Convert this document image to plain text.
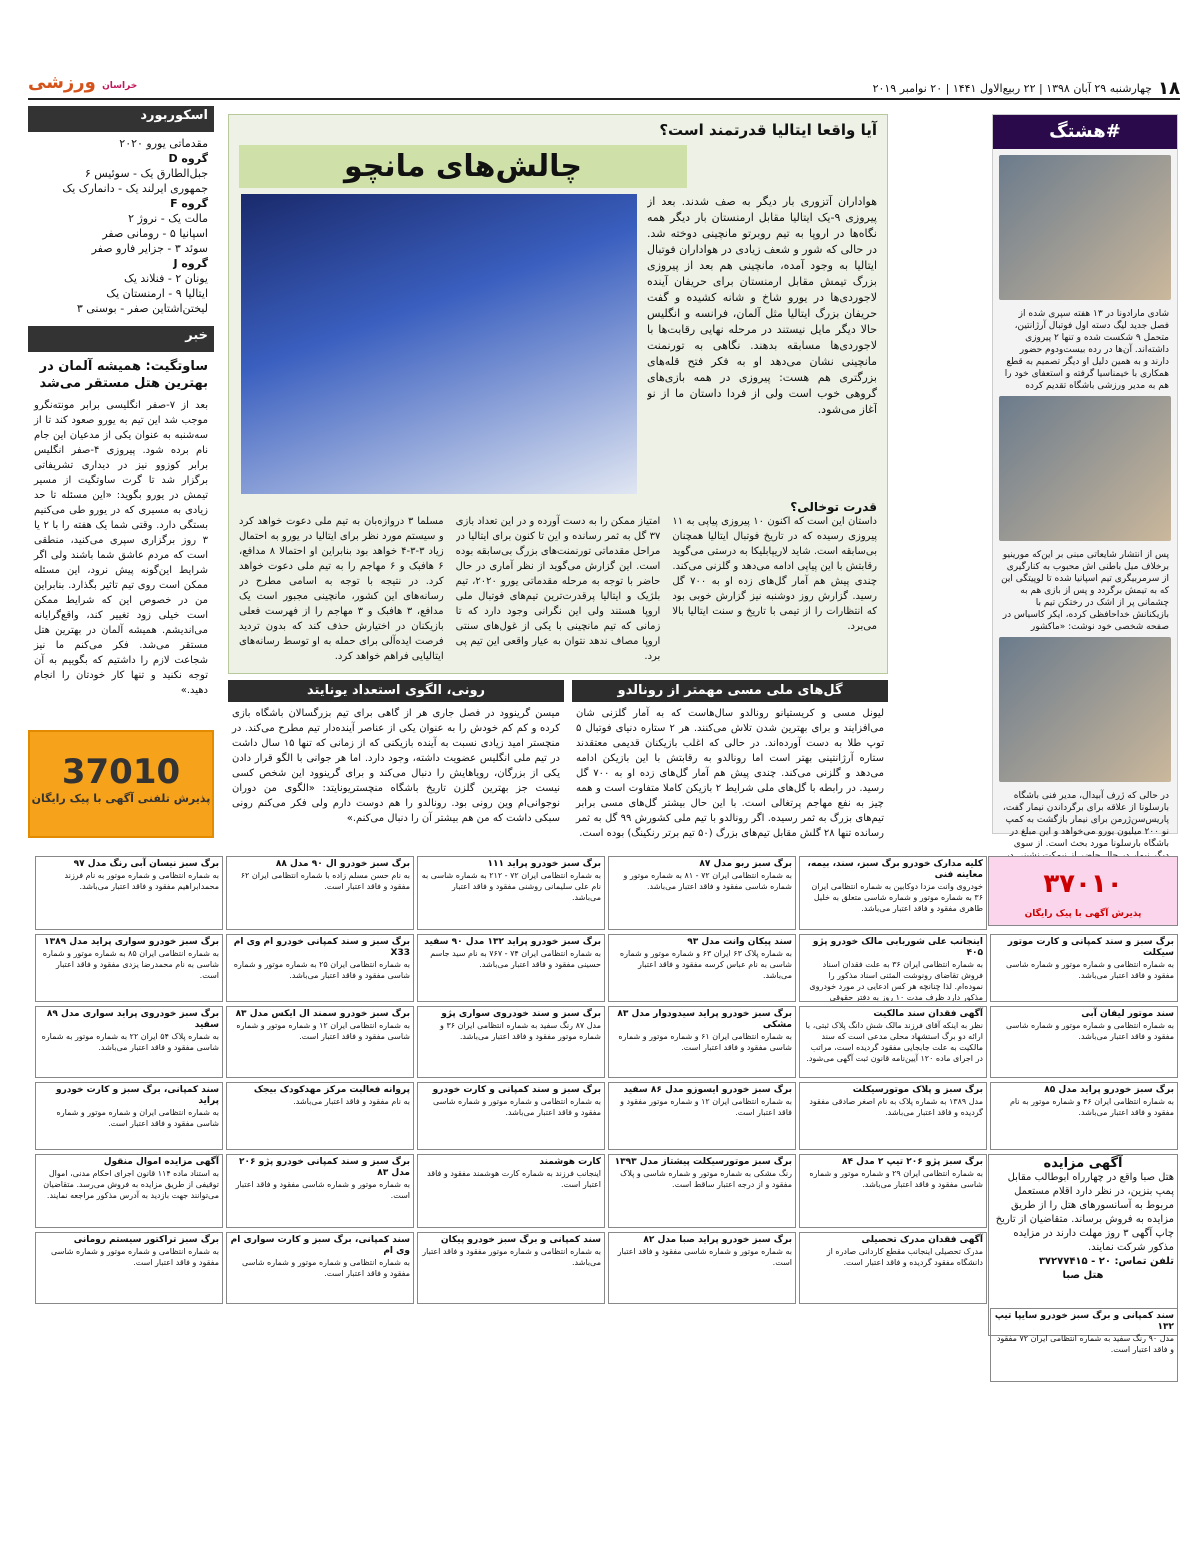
۱۸
چهارشنبه ۲۹ آبان ۱۳۹۸ | ۲۲ ربیع‌الاول ۱۴۴۱ | ۲۰ نوامبر ۲۰۱۹
خراسان ورزشی
اسکوربورد
مقدماتی یورو ۲۰۲۰
گروه D
جبل‌الطارق یک - سوئیس ۶
جمهوری ایرلند یک - دانمارک یک
گروه F
مالت یک - نروژ ۲
اسپانیا ۵ - رومانی صفر
سوئد ۳ - جزایر فارو صفر
گروه J
یونان ۲ - فنلاند یک
ایتالیا ۹ - ارمنستان یک
لیختن‌اشتاین صفر - بوسنی ۳
خبر
ساوتگیت: همیشه آلمان در بهترین هتل مستقر می‌شد
بعد از ۷-صفر انگلیسی برابر مونته‌نگرو موجب شد این تیم به یورو صعود کند تا از سه‌شنبه به عنوان یکی از مدعیان این جام نام برده شود. پیروزی ۴-صفر انگلیس برابر کوزوو نیز در دیداری تشریفاتی برگزار شد تا گرت ساوتگیت از مسیر تیمش در یورو بگوید: «این مسئله تا حد زیادی به مسیری که در یورو طی می‌کنیم بستگی دارد. وقتی شما یک هفته را با ۲ یا ۳ روز برگزاری سپری می‌کنید، منطقی است که مردم عاشق شما باشند ولی اگر شرایط این‌گونه پیش نرود، این مسئله ممکن است روی تیم تاثیر بگذارد. بنابراین من در خصوص این که شرایط ممکن است خیلی زود تغییر کند، واقع‌گرایانه می‌اندیشم. همیشه آلمان در بهترین هتل مستقر می‌شد. فکر می‌کنم ما نیز شجاعت لازم را داشتیم که بگوییم به آن توجه نکنید و تنها کار خودتان را انجام دهید.»
37010
پذیرش تلفنی آگهی با پیک رایگان
#هشتگ
شادی مارادونا در ۱۳ هفته سپری شده از فصل جدید لیگ دسته اول فوتبال آرژانتین، متحمل ۹ شکست شده و تنها ۲ پیروزی داشته‌اند. آن‌ها در رده بیست‌ودوم حضور دارند و به همین دلیل او دیگر تصمیم به قطع همکاری با خیمناسیا گرفته و استعفای خود را هم به مدیر ورزشی باشگاه تقدیم کرده
پس از انتشار شایعاتی مبنی بر این‌که مورینیو برخلاف میل باطنی اش محبوب به کنارگیری از سرمربیگری تیم اسپانیا شده تا لوپیتگی این که به تیمش برگردد و پس از بازی هم به چشمانی پر از اشک در رختکن تیم با بازیکنانش خداحافظی کرده، ایکر کاسیاس در صفحه شخصی خود نوشت: «ماکشور
در حالی که ژرف آبیدال، مدیر فنی باشگاه بارسلونا از علاقه برای برگرداندن نیمار گفت، پاریس‌سن‌ژرمن برای نیمار بازگشت به کمپ نو ۲۰۰ میلیون یورو می‌خواهد و این مبلغ در باشگاه بارسلونا مورد بحث است. از سوی
آیا واقعا ایتالیا قدرتمند است؟
چالش‌های مانچو
هواداران آتزوری بار دیگر به صف شدند. بعد از پیروزی ۹-یک ایتالیا مقابل ارمنستان بار دیگر همه نگاه‌ها در اروپا به تیم روبرتو مانچینی دوخته شد. در حالی که شور و شعف زیادی در هواداران فوتبال ایتالیا به وجود آمده، مانچینی هم بعد از پیروزی بزرگ تیمش مقابل ارمنستان برای حریفان آینده لاجوردی‌ها در یورو شاخ و شانه کشیده و گفت حریفان بزرگ ایتالیا مثل آلمان، فرانسه و انگلیس حالا دیگر مایل نیستند در مرحله نهایی رقابت‌ها با لاجوردی‌ها مسابقه بدهند. نگاهی به تورنمنت مانچینی نشان می‌دهد او به فکر فتح قله‌های بزرگتری هم هست: پیروزی در همه بازی‌های گروهی خوب است ولی از فردا داستان ما از نو آغاز می‌شود.
قدرت توخالی؟
داستان این است که اکنون ۱۰ پیروزی پیاپی به ۱۱ پیروزی رسیده که در تاریخ فوتبال ایتالیا همچنان بی‌سابقه است. شاید لاریپابلیکا به درستی می‌گوید رقابتش با این پیاپی ادامه می‌دهد و گلزنی می‌کند. چندی پیش هم آمار گل‌های زده او به ۷۰۰ گل رسید. گزارش روز دوشنبه نیز گزارش خوبی بود که انتظارات را از تیمی با تاریخ و سنت ایتالیا بالا می‌برد.
امتیاز ممکن را به دست آورده و در این تعداد بازی ۳۷ گل به ثمر رسانده و این تا کنون برای ایتالیا در مراحل مقدماتی تورنمنت‌های بزرگ بی‌سابقه بوده است. این گزارش می‌گوید از نظر آماری در حال حاضر با توجه به مرحله مقدماتی یورو ۲۰۲۰، تیم بلژیک و ایتالیا پرقدرت‌ترین تیم‌های فوتبال ملی اروپا هستند ولی این نگرانی وجود دارد که تا زمانی که تیم مانچینی با یکی از غول‌های سنتی اروپا مصاف ندهد نتوان به عیار واقعی این تیم پی برد.
مسلما ۳ دروازه‌بان به تیم ملی دعوت خواهد کرد و سیستم مورد نظر برای ایتالیا در یورو به احتمال زیاد ۳-۳-۴ خواهد بود بنابراین او احتمالا ۸ مدافع، ۶ هافبک و ۶ مهاجم را به تیم ملی دعوت خواهد کرد. در نتیجه با توجه به اسامی مطرح در رسانه‌های این کشور، مانچینی مجبور است یک مدافع، ۳ هافبک و ۳ مهاجم را از فهرست فعلی بازیکنان در اختیارش حذف کند که بدون تردید فرصت ایده‌آلی برای حمله به او توسط رسانه‌های ایتالیایی فراهم خواهد کرد.
گل‌های ملی مسی مهمتر از رونالدو
لیونل مسی و کریستیانو رونالدو سال‌هاست که به آمار گلزنی شان می‌افزایند و برای بهترین شدن تلاش می‌کنند. هر ۲ ستاره دنیای فوتبال ۵ توپ طلا به دست آورده‌اند. در حالی که اغلب بازیکنان قدیمی معتقدند ستاره آرژانتینی بهتر است اما رونالدو به رقابتش با این بازیکن ادامه می‌دهد و گلزنی می‌کند. چندی پیش هم آمار گل‌های زده او به ۷۰۰ گل رسید. در رابطه با گل‌های ملی شرایط ۲ بازیکن کاملا متفاوت است و همه چیز به نفع مهاجم پرتغالی است. با این حال بیشتر گل‌های مسی برابر تیم‌های بزرگ به ثمر رسیده. اگر رونالدو با تیم ملی کشورش ۹۹ گل به ثمر رسانده تنها ۲۸ گلش مقابل تیم‌های بزرگ (۵۰ تیم برتر رنکینگ) بوده است.
رونی، الگوی استعداد یونایتد
میسن گرینوود در فصل جاری هر از گاهی برای تیم بزرگسالان باشگاه بازی کرده و کم کم خودش را به عنوان یکی از عناصر آینده‌دار تیم مطرح می‌کند. در منچستر امید زیادی نسبت به آینده بازیکنی که از زمانی که تنها ۱۵ سال داشت در تیم ملی انگلیس عضویت داشته، وجود دارد. اما هر جوانی با الگو قرار دادن یکی از بزرگان، رویاهایش را دنبال می‌کند و برای گرینوود این شخص کسی نیست جز بهترین گلزن تاریخ باشگاه منچستریونایتد: «الگوی من دوران نوجوانی‌ام وین رونی بود. رونالدو را هم دوست دارم ولی فکر می‌کنم رونی سبکی داشت که من هم بیشتر آن را دنبال می‌کنم.»
۳۷۰۱۰
پذیرش آگهی با پیک رایگان
آگهی مزایده
هتل صبا واقع در چهارراه ابوطالب مقابل پمپ بنزین، در نظر دارد اقلام مستعمل مربوط به آسانسورهای هتل را از طریق مزایده به فروش برساند. متقاضیان از تاریخ چاپ آگهی ۳ روز مهلت دارند در مزایده مذکور شرکت نمایند.
تلفن تماس: ۲۰ - ۳۷۲۷۷۴۱۵
هتل صبا
کلیه مدارک خودرو برگ سبز، سند، بیمه، معاینه فنی
خودروی وانت مزدا دوکابین به شماره انتظامی ایران ۳۶ به شماره موتور و شماره شاسی متعلق به خلیل طاهری مفقود و فاقد اعتبار می‌باشد.
برگ سبز ربو مدل ۸۷
به شماره انتظامی ایران ۷۲ - ۸۱ به شماره موتور و شماره شاسی مفقود و فاقد اعتبار می‌باشد.
برگ سبز خودرو پراید ۱۱۱
به شماره انتظامی ایران ۷۲ - ۲۱۲ به شماره شاسی به نام علی سلیمانی روشنی مفقود و فاقد اعتبار می‌باشد.
برگ سبز خودرو ال ۹۰ مدل ۸۸
به نام حسن مسلم زاده با شماره انتظامی ایران ۶۲ مفقود و فاقد اعتبار است.
برگ سبز نیسان آبی رنگ مدل ۹۷
به شماره انتظامی و شماره موتور به نام فرزند محمدابراهیم مفقود و فاقد اعتبار می‌باشد.
برگ سبز و سند کمپانی و کارت موتور سیکلت
به شماره انتظامی و شماره موتور و شماره شاسی مفقود و فاقد اعتبار می‌باشد.
اینجانب علی شوربابی مالک خودرو پژو ۴۰۵
به شماره انتظامی ایران ۳۶ به علت فقدان اسناد فروش تقاضای رونوشت المثنی اسناد مذکور را نموده‌ام. لذا چنانچه هر کس ادعایی در مورد خودروی مذکور دارد ظرف مدت ۱۰ روز به دفتر حقوقی
سند پیکان وانت مدل ۹۳
به شماره پلاک ۶۳ ایران ۶۳ و شماره موتور و شماره شاسی به نام عباس کرسه مفقود و فاقد اعتبار می‌باشد.
برگ سبز خودرو پراید ۱۳۲ مدل ۹۰ سفید
به شماره انتظامی ایران ۷۴ - ۷۶۷ به نام سید جاسم حسینی مفقود و فاقد اعتبار می‌باشد.
برگ سبز و سند کمپانی خودرو ام وی ام X33
به شماره انتظامی ایران ۲۵ به شماره موتور و شماره شاسی مفقود و فاقد اعتبار می‌باشد.
برگ سبز خودرو سواری پراید مدل ۱۳۸۹
به شماره انتظامی ایران ۸۵ به شماره موتور و شماره شاسی به نام محمدرضا یزدی مفقود و فاقد اعتبار است.
سند موتور لیفان آبی
به شماره انتظامی و شماره موتور و شماره شاسی مفقود و فاقد اعتبار می‌باشد.
آگهی فقدان سند مالکیت
نظر به اینکه آقای فرزند مالک شش دانگ پلاک ثبتی، با ارائه دو برگ استشهاد محلی مدعی است که سند مالکیت به علت جابجایی مفقود گردیده است، مراتب در اجرای ماده ۱۲۰ آیین‌نامه قانون ثبت آگهی می‌شود.
برگ سبز خودرو پراید سیدودوار مدل ۸۳ مشکی
به شماره انتظامی ایران ۶۱ و شماره موتور و شماره شاسی مفقود و فاقد اعتبار است.
برگ سبز و سند خودروی سواری پژو
مدل ۸۷ رنگ سفید به شماره انتظامی ایران ۳۶ و شماره موتور مفقود و فاقد اعتبار می‌باشد.
برگ سبز خودرو سمند ال ایکس مدل ۸۳
به شماره انتظامی ایران ۱۲ و شماره موتور و شماره شاسی مفقود و فاقد اعتبار است.
برگ سبز خودروی پراید سواری مدل ۸۹ سفید
به شماره پلاک ۵۴ ایران ۲۲ به شماره موتور به شماره شاسی مفقود و فاقد اعتبار می‌باشد.
برگ سبز خودرو پراید مدل ۸۵
به شماره انتظامی ایران ۴۶ و شماره موتور به نام مفقود و فاقد اعتبار می‌باشد.
برگ سبز و پلاک موتورسیکلت
مدل ۱۳۸۹ به شماره پلاک به نام اصغر صادقی مفقود گردیده و فاقد اعتبار می‌باشد.
برگ سبز خودرو ایسوزو مدل ۸۶ سفید
به شماره انتظامی ایران ۱۲ و شماره موتور مفقود و فاقد اعتبار است.
برگ سبز و سند کمپانی و کارت خودرو
به شماره انتظامی و شماره موتور و شماره شاسی مفقود و فاقد اعتبار می‌باشد.
پروانه فعالیت مرکز مهدکودک بیجک
به نام مفقود و فاقد اعتبار می‌باشد.
سند کمپانی، برگ سبز و کارت خودرو پراید
به شماره انتظامی ایران و شماره موتور و شماره شاسی مفقود و فاقد اعتبار است.
برگ سبز پژو ۲۰۶ تیپ ۲ مدل ۸۴
به شماره انتظامی ایران ۲۹ و شماره موتور و شماره شاسی مفقود و فاقد اعتبار می‌باشد.
برگ سبز موتورسیکلت پیشتاز مدل ۱۳۹۳
رنگ مشکی به شماره موتور و شماره شاسی و پلاک مفقود و از درجه اعتبار ساقط است.
کارت هوشمند
اینجانب فرزند به شماره کارت هوشمند مفقود و فاقد اعتبار است.
برگ سبز و سند کمپانی خودرو پژو ۲۰۶ مدل ۸۳
به شماره موتور و شماره شاسی مفقود و فاقد اعتبار است.
آگهی مزایده اموال منقول
به استناد ماده ۱۱۴ قانون اجرای احکام مدنی، اموال توقیفی از طریق مزایده به فروش می‌رسد. متقاضیان می‌توانند جهت بازدید به آدرس مذکور مراجعه نمایند.
آگهی فقدان مدرک تحصیلی
مدرک تحصیلی اینجانب مقطع کاردانی صادره از دانشگاه مفقود گردیده و فاقد اعتبار است.
برگ سبز خودرو پراید صبا مدل ۸۲
به شماره موتور و شماره شاسی مفقود و فاقد اعتبار است.
سند کمپانی و برگ سبز خودرو پیکان
به شماره انتظامی و شماره موتور مفقود و فاقد اعتبار می‌باشد.
سند کمپانی، برگ سبز و کارت سواری ام وی ام
به شماره انتظامی و شماره موتور و شماره شاسی مفقود و فاقد اعتبار است.
برگ سبز تراکتور سیستم رومانی
به شماره انتظامی و شماره موتور و شماره شاسی مفقود و فاقد اعتبار است.
سند کمپانی و برگ سبز خودرو سایپا تیپ ۱۳۲
مدل ۹۰ رنگ سفید به شماره انتظامی ایران ۷۲ مفقود و فاقد اعتبار است.
